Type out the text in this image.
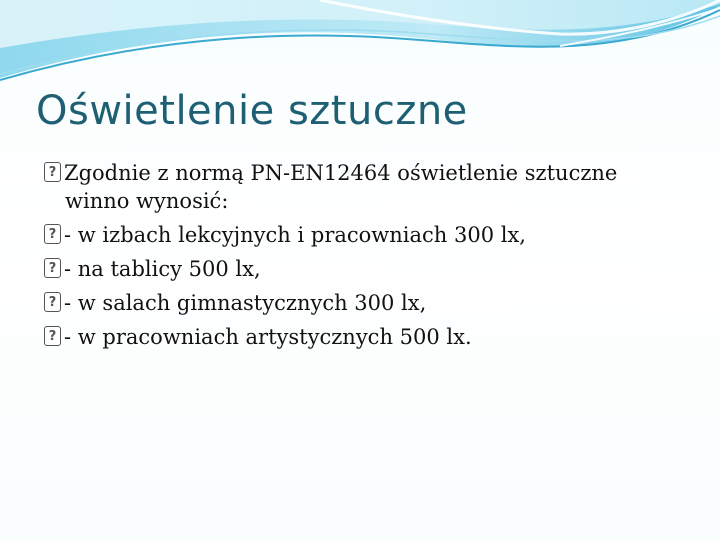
Oświetlenie sztuczne
?
Zgodnie z normą PN-EN12464 oświetlenie sztuczne
winno wynosić:
?
- w izbach lekcyjnych i pracowniach 300 lx,
?
- na tablicy 500 lx,
?
- w salach gimnastycznych 300 lx,
?
- w pracowniach artystycznych 500 lx.
